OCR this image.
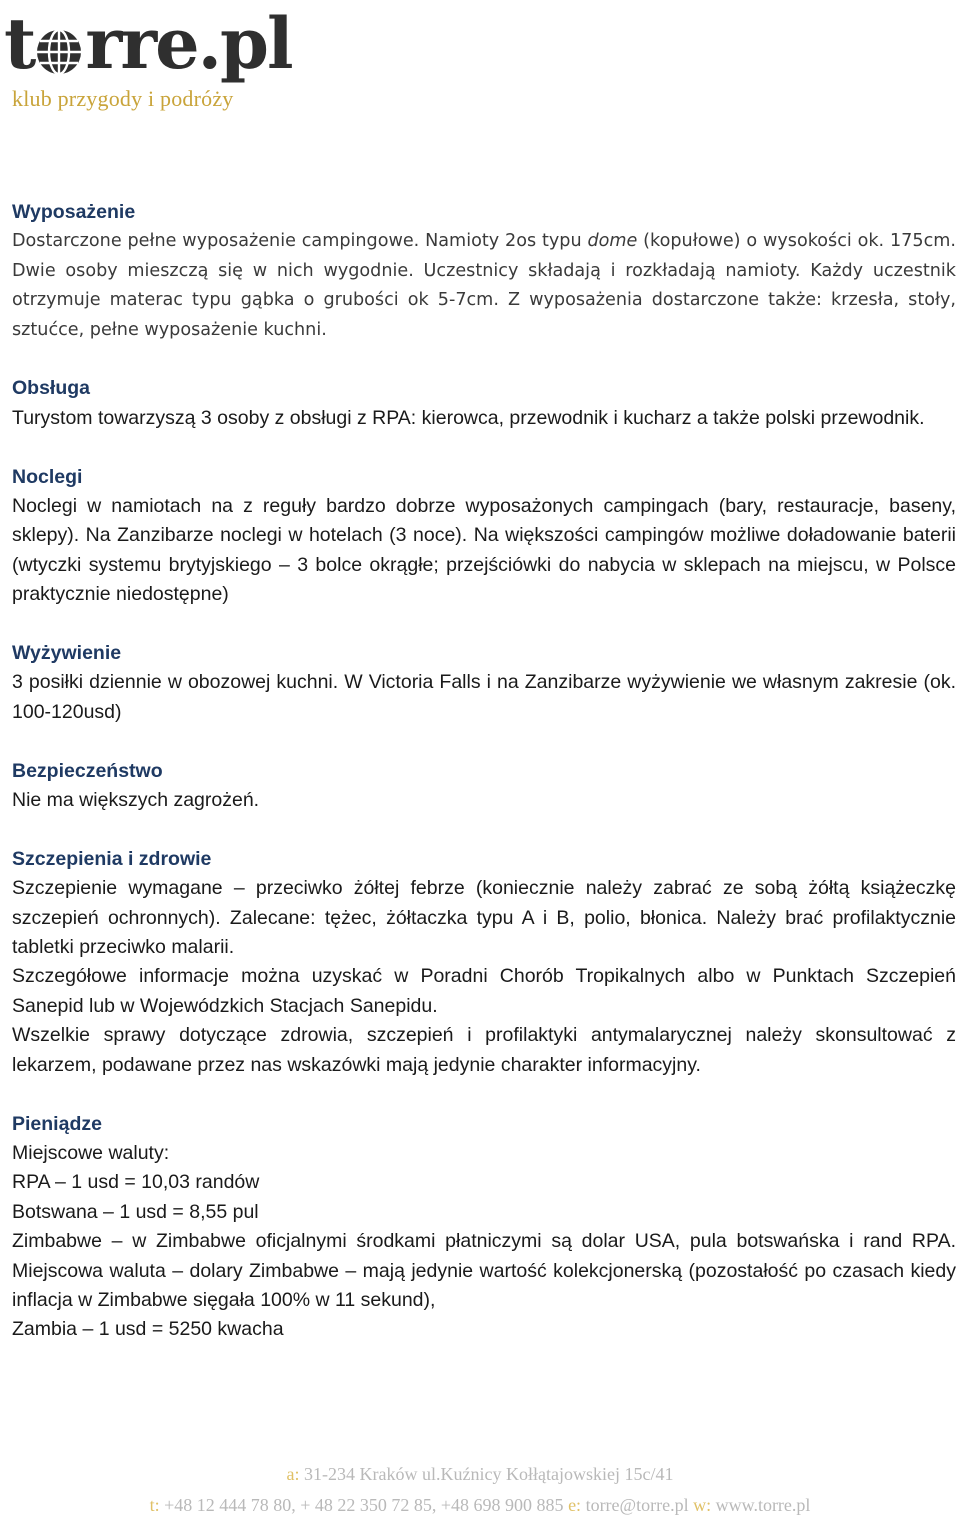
t rre.pl
klub przygody i podróży
Wyposażenie
Dostarczone pełne wyposażenie campingowe. Namioty 2os typu dome (kopułowe) o wysokości ok. 175cm. Dwie osoby mieszczą się w nich wygodnie. Uczestnicy składają i rozkładają namioty. Każdy uczestnik otrzymuje materac typu gąbka o grubości ok 5-7cm. Z wyposażenia dostarczone także: krzesła, stoły, sztućce, pełne wyposażenie kuchni.
Obsługa
Turystom towarzyszą 3 osoby z obsługi z RPA: kierowca, przewodnik i kucharz a także polski przewodnik.
Noclegi
Noclegi w namiotach na z reguły bardzo dobrze wyposażonych campingach (bary, restauracje, baseny, sklepy). Na Zanzibarze noclegi w hotelach (3 noce). Na większości campingów możliwe doładowanie baterii (wtyczki systemu brytyjskiego – 3 bolce okrągłe; przejściówki do nabycia w sklepach na miejscu, w Polsce praktycznie niedostępne)
Wyżywienie
3 posiłki dziennie w obozowej kuchni. W Victoria Falls i na Zanzibarze wyżywienie we własnym zakresie (ok. 100-120usd)
Bezpieczeństwo
Nie ma większych zagrożeń.
Szczepienia i zdrowie
Szczepienie wymagane – przeciwko żółtej febrze (koniecznie należy zabrać ze sobą żółtą książeczkę szczepień ochronnych). Zalecane: tężec, żółtaczka typu A i B, polio, błonica. Należy brać profilaktycznie tabletki przeciwko malarii.
Szczegółowe informacje można uzyskać w Poradni Chorób Tropikalnych albo w Punktach Szczepień Sanepid lub w Wojewódzkich Stacjach Sanepidu.
Wszelkie sprawy dotyczące zdrowia, szczepień i profilaktyki antymalarycznej należy skonsultować z lekarzem, podawane przez nas wskazówki mają jedynie charakter informacyjny.
Pieniądze
Miejscowe waluty:
RPA – 1 usd = 10,03 randów
Botswana – 1 usd = 8,55 pul
Zimbabwe – w Zimbabwe oficjalnymi środkami płatniczymi są dolar USA, pula botswańska i rand RPA. Miejscowa waluta – dolary Zimbabwe – mają jedynie wartość kolekcjonerską (pozostałość po czasach kiedy inflacja w Zimbabwe sięgała 100% w 11 sekund),
Zambia – 1 usd = 5250 kwacha
a: 31-234 Kraków ul.Kuźnicy Kołłątajowskiej 15c/41
t: +48 12 444 78 80, + 48 22 350 72 85, +48 698 900 885 e: torre@torre.pl w: www.torre.pl
